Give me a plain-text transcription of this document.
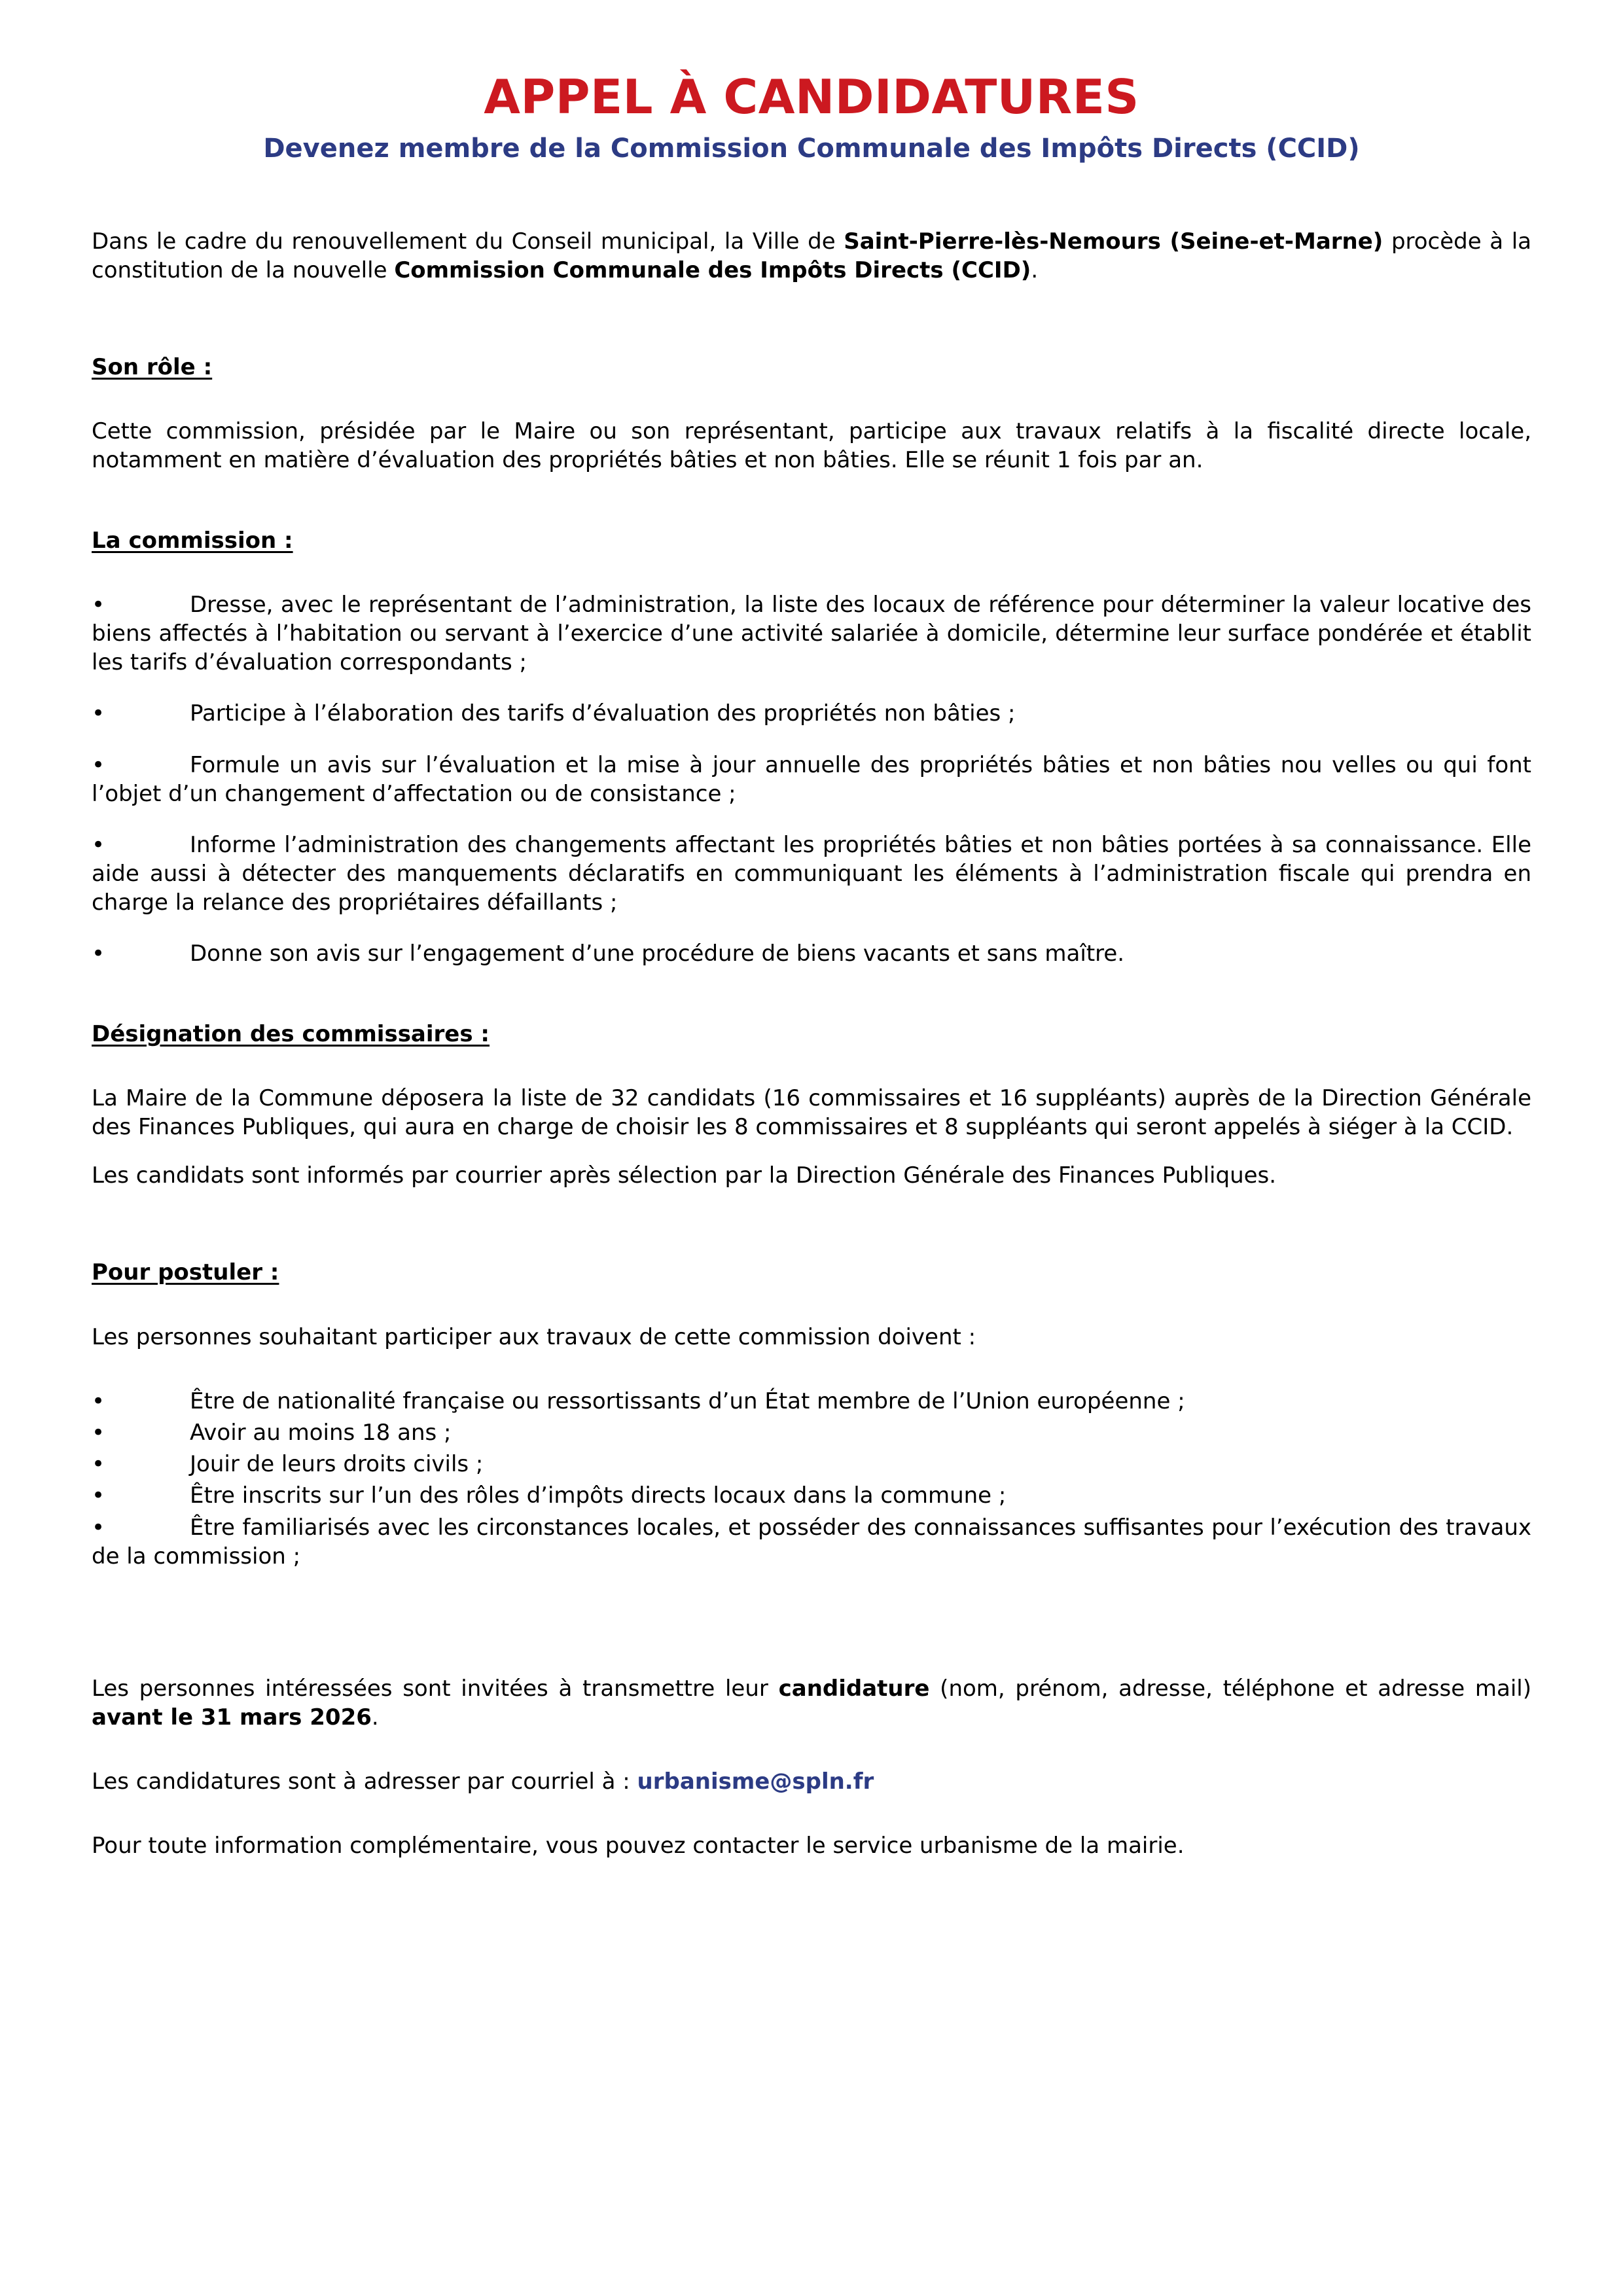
APPEL À CANDIDATURES
Devenez membre de la Commission Communale des Impôts Directs (CCID)

Dans le cadre du renouvellement du Conseil municipal, la Ville de Saint-Pierre-lès-Nemours (Seine-et-Marne) procède à la constitution de la nouvelle Commission Communale des Impôts Directs (CCID).

Son rôle :

Cette commission, présidée par le Maire ou son représentant, participe aux travaux relatifs à la fiscalité directe locale, notamment en matière d’évaluation des propriétés bâties et non bâties. Elle se réunit 1 fois par an.

La commission :
•	Dresse, avec le représentant de l’administration, la liste des locaux de référence pour déterminer la valeur locative des biens affectés à l’habitation ou servant à l’exercice d’une activité salariée à domicile, détermine leur surface pondérée et établit les tarifs d’évaluation correspondants ;
•	Participe à l’élaboration des tarifs d’évaluation des propriétés non bâties ;
•	Formule un avis sur l’évaluation et la mise à jour annuelle des propriétés bâties et non bâties nou velles ou qui font l’objet d’un changement d’affectation ou de consistance ;
•	Informe l’administration des changements affectant les propriétés bâties et non bâties portées à sa connaissance. Elle aide aussi à détecter des manquements déclaratifs en communiquant les éléments à l’administration fiscale qui prendra en charge la relance des propriétaires défaillants ;
•	Donne son avis sur l’engagement d’une procédure de biens vacants et sans maître.
Désignation des commissaires :

La Maire de la Commune déposera la liste de 32 candidats (16 commissaires et 16 suppléants) auprès de la Direction Générale des Finances Publiques, qui aura en charge de choisir les 8 commissaires et 8 suppléants qui seront appelés à siéger à la CCID.

Les candidats sont informés par courrier après sélection par la Direction Générale des Finances Publiques.

Pour postuler :

Les personnes souhaitant participer aux travaux de cette commission doivent :

•	Être de nationalité française ou ressortissants d’un État membre de l’Union européenne ;
•	Avoir au moins 18 ans ;
•	Jouir de leurs droits civils ;
•	Être inscrits sur l’un des rôles d’impôts directs locaux dans la commune ;
•	Être familiarisés avec les circonstances locales, et posséder des connaissances suffisantes pour l’exécution des travaux de la commission ;

Les personnes intéressées sont invitées à transmettre leur candidature (nom, prénom, adresse, téléphone et adresse mail) avant le 31 mars 2026.

Les candidatures sont à adresser par courriel à : urbanisme@spln.fr

Pour toute information complémentaire, vous pouvez contacter le service urbanisme de la mairie.
